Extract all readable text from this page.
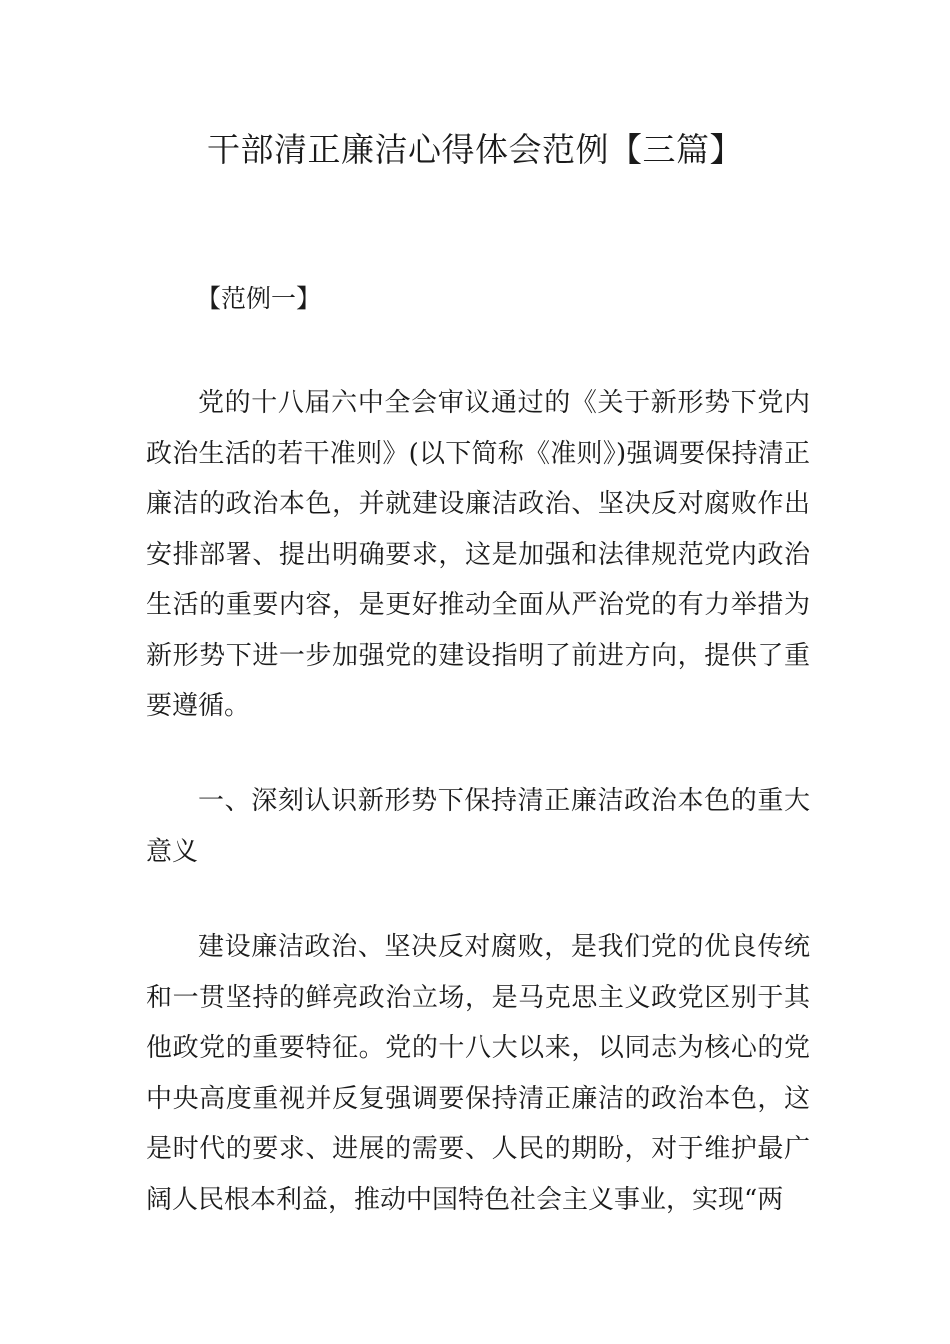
干部清正廉洁心得体会范例【三篇】

【范例一】

党的十八届六中全会审议通过的《关于新形势下党内政治生活的若干准则》(以下简称《准则》)强调要保持清正廉洁的政治本色，并就建设廉洁政治、坚决反对腐败作出安排部署、提出明确要求，这是加强和法律规范党内政治生活的重要内容，是更好推动全面从严治党的有力举措为新形势下进一步加强党的建设指明了前进方向，提供了重要遵循。

一、深刻认识新形势下保持清正廉洁政治本色的重大意义

建设廉洁政治、坚决反对腐败，是我们党的优良传统和一贯坚持的鲜亮政治立场，是马克思主义政党区别于其他政党的重要特征。党的十八大以来，以同志为核心的党中央高度重视并反复强调要保持清正廉洁的政治本色，这是时代的要求、进展的需要、人民的期盼，对于维护最广阔人民根本利益，推动中国特色社会主义事业，实现“两
